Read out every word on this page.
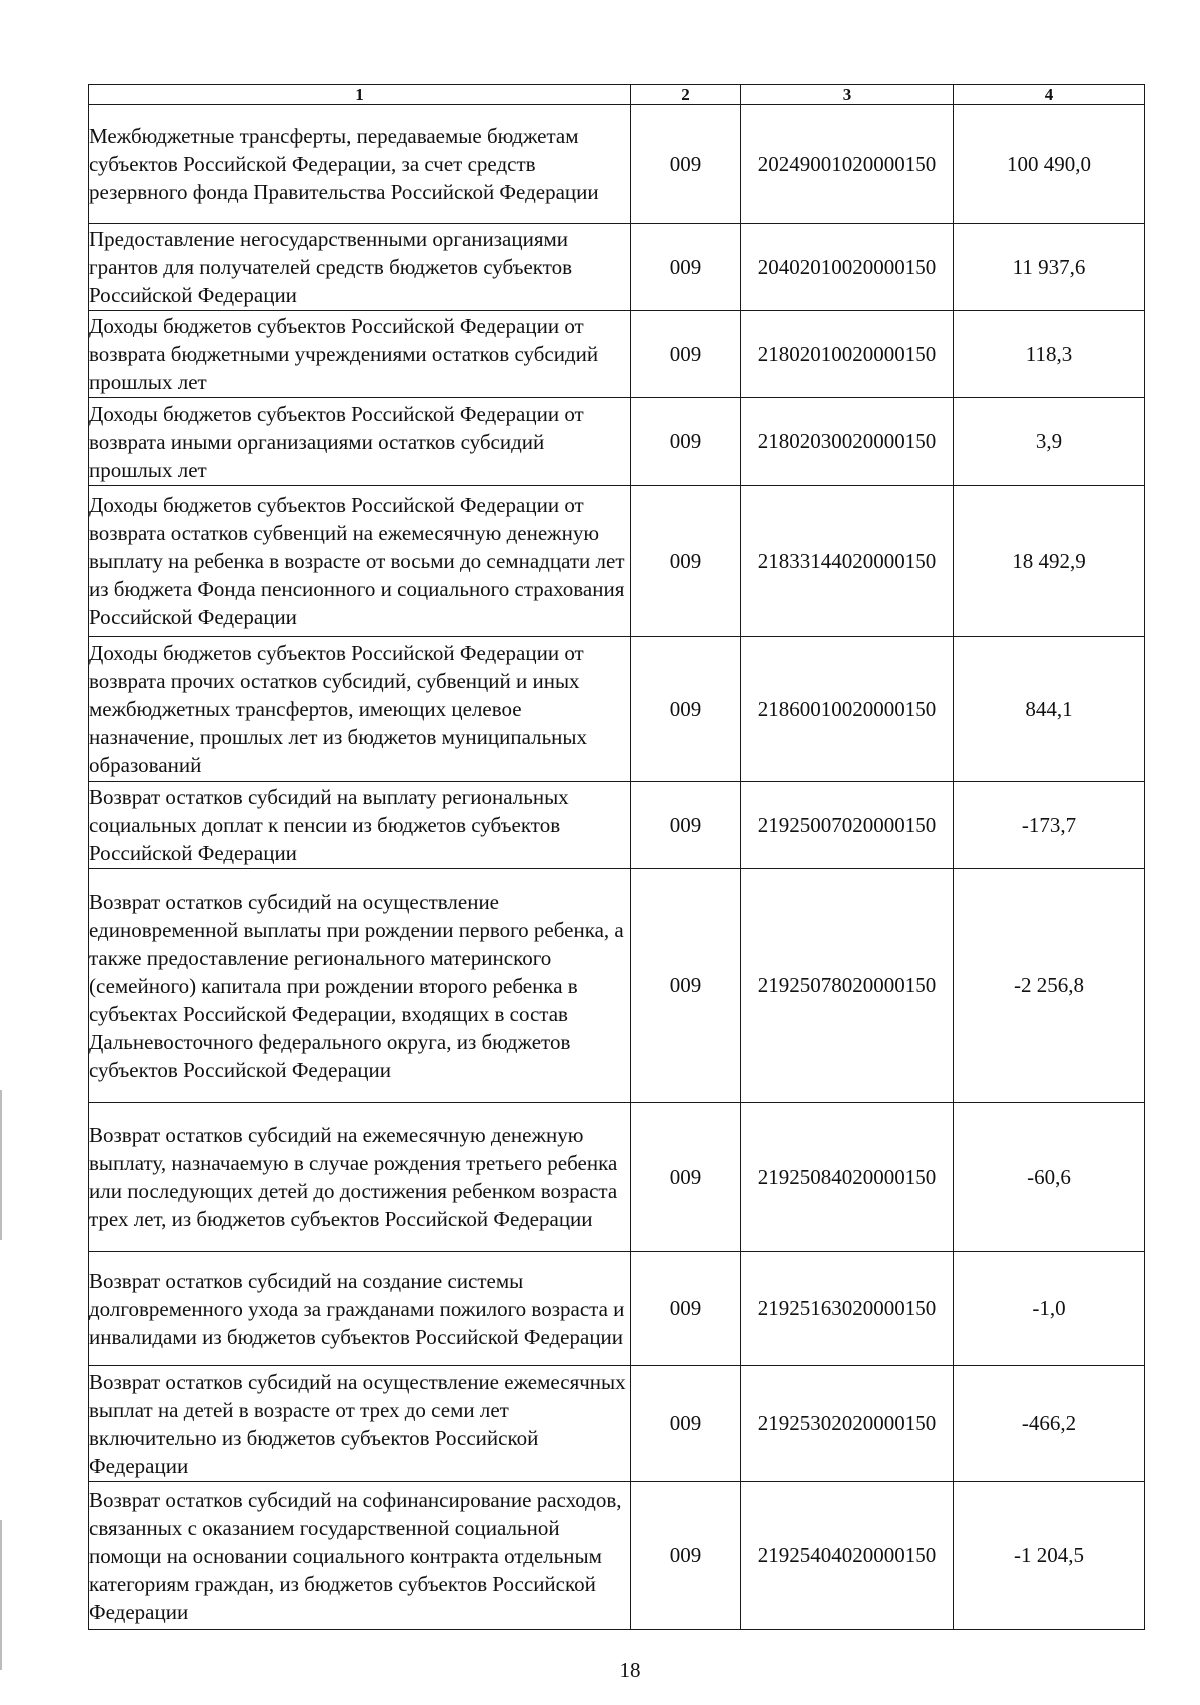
1	2	3	4
Межбюджетные трансферты, передаваемые бюджетам субъектов Российской Федерации, за счет средств резервного фонда Правительства Российской Федерации	009	20249001020000150	100 490,0
Предоставление негосударственными организациями грантов для получателей средств бюджетов субъектов Российской Федерации	009	20402010020000150	11 937,6
Доходы бюджетов субъектов Российской Федерации от возврата бюджетными учреждениями остатков субсидий прошлых лет	009	21802010020000150	118,3
Доходы бюджетов субъектов Российской Федерации от возврата иными организациями остатков субсидий прошлых лет	009	21802030020000150	3,9
Доходы бюджетов субъектов Российской Федерации от возврата остатков субвенций на ежемесячную денежную выплату на ребенка в возрасте от восьми до семнадцати лет из бюджета Фонда пенсионного и социального страхования Российской Федерации	009	21833144020000150	18 492,9
Доходы бюджетов субъектов Российской Федерации от возврата прочих остатков субсидий, субвенций и иных межбюджетных трансфертов, имеющих целевое назначение, прошлых лет из бюджетов муниципальных образований	009	21860010020000150	844,1
Возврат остатков субсидий на выплату региональных социальных доплат к пенсии из бюджетов субъектов Российской Федерации	009	21925007020000150	-173,7
Возврат остатков субсидий на осуществление единовременной выплаты при рождении первого ребенка, а также предоставление регионального материнского (семейного) капитала при рождении второго ребенка в субъектах Российской Федерации, входящих в состав Дальневосточного федерального округа, из бюджетов субъектов Российской Федерации	009	21925078020000150	-2 256,8
Возврат остатков субсидий на ежемесячную денежную выплату, назначаемую в случае рождения третьего ребенка или последующих детей до достижения ребенком возраста трех лет, из бюджетов субъектов Российской Федерации	009	21925084020000150	-60,6
Возврат остатков субсидий на создание системы долговременного ухода за гражданами пожилого возраста и инвалидами из бюджетов субъектов Российской Федерации	009	21925163020000150	-1,0
Возврат остатков субсидий на осуществление ежемесячных выплат на детей в возрасте от трех до семи лет включительно из бюджетов субъектов Российской Федерации	009	21925302020000150	-466,2
Возврат остатков субсидий на софинансирование расходов, связанных с оказанием государственной социальной помощи на основании социального контракта отдельным категориям граждан, из бюджетов субъектов Российской Федерации	009	21925404020000150	-1 204,5
18
